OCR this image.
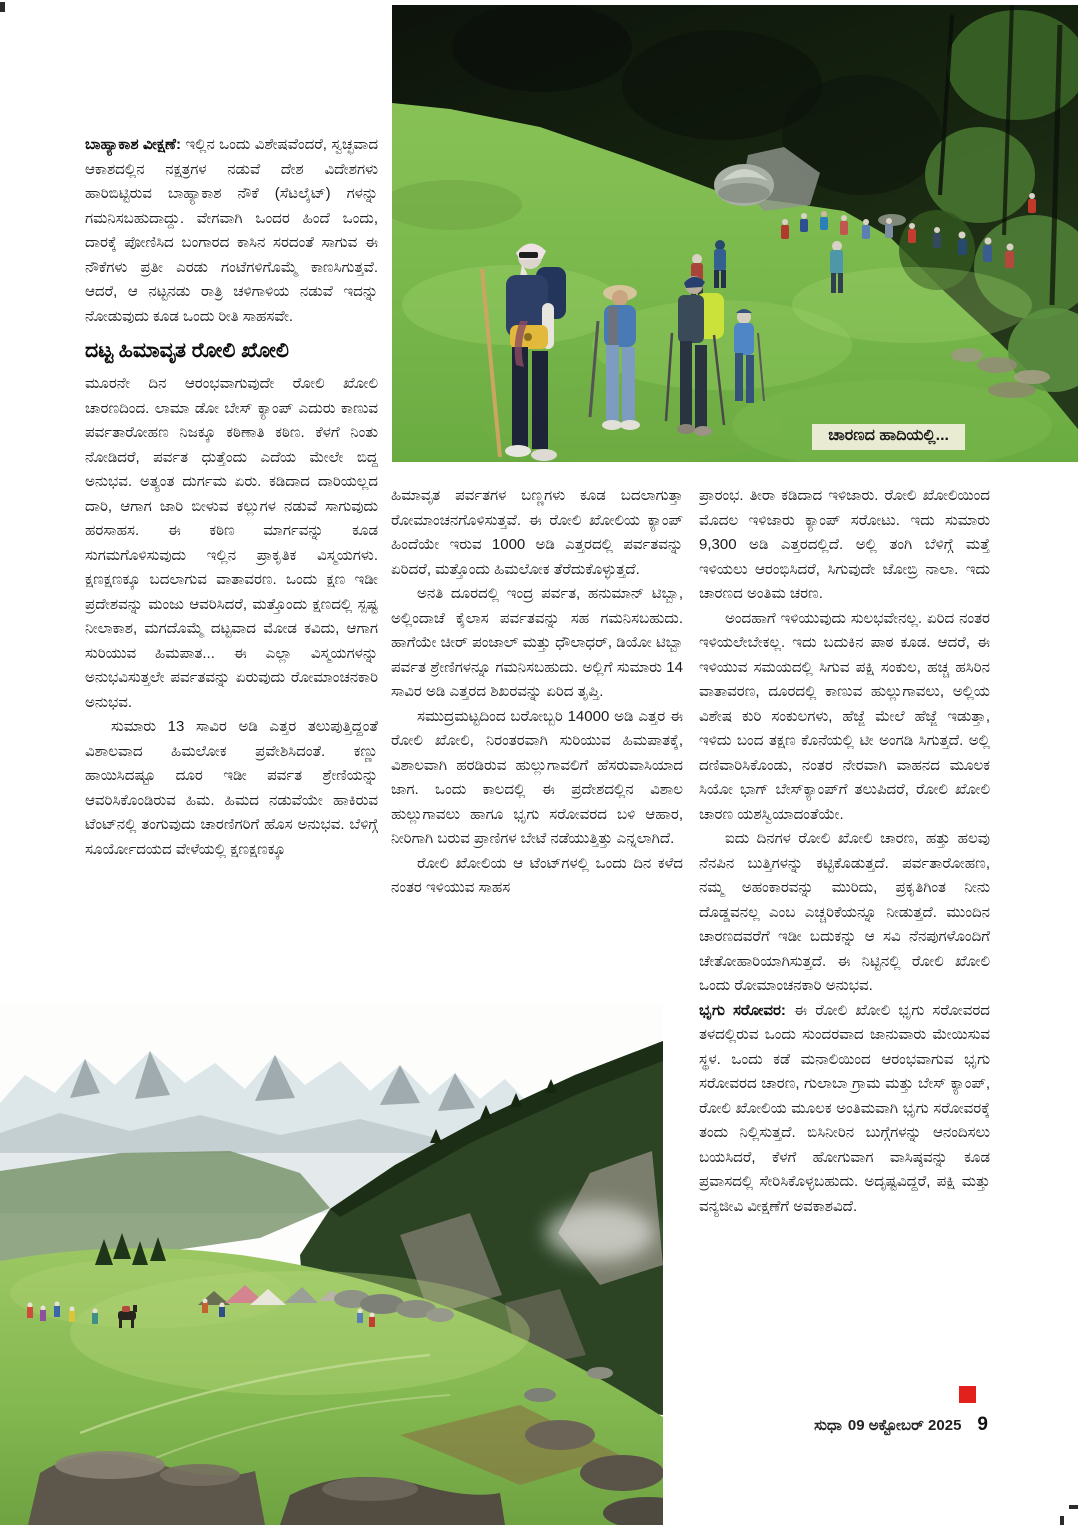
ಚಾರಣದ ಹಾದಿಯಲ್ಲಿ...

ಬಾಹ್ಯಾಕಾಶ ವೀಕ್ಷಣೆ: ಇಲ್ಲಿನ ಒಂದು ವಿಶೇಷವೆಂದರೆ, ಸ್ವಚ್ಛವಾದ ಆಕಾಶದಲ್ಲಿನ ನಕ್ಷತ್ರಗಳ ನಡುವೆ ದೇಶ ವಿದೇಶಗಳು ಹಾರಿಬಿಟ್ಟಿರುವ ಬಾಹ್ಯಾಕಾಶ ನೌಕೆ (ಸೆಟಲೈಟ್) ಗಳನ್ನು ಗಮನಿಸಬಹುದಾದ್ದು. ವೇಗವಾಗಿ ಒಂದರ ಹಿಂದೆ ಒಂದು, ದಾರಕ್ಕೆ ಪೋಣಿಸಿದ ಬಂಗಾರದ ಕಾಸಿನ ಸರದಂತೆ ಸಾಗುವ ಈ ನೌಕೆಗಳು ಪ್ರತೀ ಎರಡು ಗಂಟೆಗಳಿಗೊಮ್ಮೆ ಕಾಣಸಿಗುತ್ತವೆ. ಆದರೆ, ಆ ನಟ್ಟನಡು ರಾತ್ರಿ ಚಳಿಗಾಳಿಯ ನಡುವೆ ಇದನ್ನು ನೋಡುವುದು ಕೂಡ ಒಂದು ರೀತಿ ಸಾಹಸವೇ.

ದಟ್ಟ ಹಿಮಾವೃತ ರೋಲಿ ಖೋಲಿ

ಮೂರನೇ ದಿನ ಆರಂಭವಾಗುವುದೇ ರೋಲಿ ಖೋಲಿ ಚಾರಣದಿಂದ. ಲಾಮಾ ಡೋ ಬೇಸ್ ಕ್ಯಾಂಪ್ ಎದುರು ಕಾಣುವ ಪರ್ವತಾರೋಹಣ ನಿಜಕ್ಕೂ ಕಠಿಣಾತಿ ಕಠಿಣ. ಕೆಳಗೆ ನಿಂತು ನೋಡಿದರೆ, ಪರ್ವತ ಧುತ್ತೆಂದು ಎದೆಯ ಮೇಲೇ ಬಿದ್ದ ಅನುಭವ. ಅತ್ಯಂತ ದುರ್ಗಮ ಏರು. ಕಡಿದಾದ ದಾರಿಯಲ್ಲದ ದಾರಿ, ಆಗಾಗ ಜಾರಿ ಬೀಳುವ ಕಲ್ಲುಗಳ ನಡುವೆ ಸಾಗುವುದು ಹರಸಾಹಸ. ಈ ಕಠಿಣ ಮಾರ್ಗವನ್ನು ಕೂಡ ಸುಗಮಗೊಳಿಸುವುದು ಇಲ್ಲಿನ ಪ್ರಾಕೃತಿಕ ವಿಸ್ಮಯಗಳು. ಕ್ಷಣಕ್ಷಣಕ್ಕೂ ಬದಲಾಗುವ ವಾತಾವರಣ. ಒಂದು ಕ್ಷಣ ಇಡೀ ಪ್ರದೇಶವನ್ನು ಮಂಜು ಆವರಿಸಿದರೆ, ಮತ್ತೊಂದು ಕ್ಷಣದಲ್ಲಿ ಸ್ಪಷ್ಟ ನೀಲಾಕಾಶ, ಮಗದೊಮ್ಮೆ ದಟ್ಟವಾದ ಮೋಡ ಕವಿದು, ಆಗಾಗ ಸುರಿಯುವ ಹಿಮಪಾತ... ಈ ಎಲ್ಲಾ ವಿಸ್ಮಯಗಳನ್ನು ಅನುಭವಿಸುತ್ತಲೇ ಪರ್ವತವನ್ನು ಏರುವುದು ರೋಮಾಂಚನಕಾರಿ ಅನುಭವ.

ಸುಮಾರು 13 ಸಾವಿರ ಅಡಿ ಎತ್ತರ ತಲುಪುತ್ತಿದ್ದಂತೆ ವಿಶಾಲವಾದ ಹಿಮಲೋಕ ಪ್ರವೇಶಿಸಿದಂತೆ. ಕಣ್ಣು ಹಾಯಿಸಿದಷ್ಟೂ ದೂರ ಇಡೀ ಪರ್ವತ ಶ್ರೇಣಿಯನ್ನು ಆವರಿಸಿಕೊಂಡಿರುವ ಹಿಮ. ಹಿಮದ ನಡುವೆಯೇ ಹಾಕಿರುವ ಟೆಂಟ್‌ನಲ್ಲಿ ತಂಗುವುದು ಚಾರಣಿಗರಿಗೆ ಹೊಸ ಅನುಭವ. ಬೆಳಿಗ್ಗೆ ಸೂರ್ಯೋದಯದ ವೇಳೆಯಲ್ಲಿ ಕ್ಷಣಕ್ಷಣಕ್ಕೂ

ಹಿಮಾವೃತ ಪರ್ವತಗಳ ಬಣ್ಣಗಳು ಕೂಡ ಬದಲಾಗುತ್ತಾ ರೋಮಾಂಚನಗೊಳಿಸುತ್ತವೆ. ಈ ರೋಲಿ ಖೋಲಿಯ ಕ್ಯಾಂಪ್ ಹಿಂದೆಯೇ ಇರುವ 1000 ಅಡಿ ಎತ್ತರದಲ್ಲಿ ಪರ್ವತವನ್ನು ಏರಿದರೆ, ಮತ್ತೊಂದು ಹಿಮಲೋಕ ತೆರೆದುಕೊಳ್ಳುತ್ತದೆ.

ಅನತಿ ದೂರದಲ್ಲಿ ಇಂದ್ರ ಪರ್ವತ, ಹನುಮಾನ್ ಟಿಬ್ಬಾ, ಅಲ್ಲಿಂದಾಚೆ ಕೈಲಾಸ ಪರ್ವತವನ್ನು ಸಹ ಗಮನಿಸಬಹುದು. ಹಾಗೆಯೇ ಚೀರ್ ಪಂಜಾಲ್ ಮತ್ತು ಧೌಲಾಧರ್, ಡಿಯೋ ಟಿಬ್ಬಾ ಪರ್ವತ ಶ್ರೇಣಿಗಳನ್ನೂ ಗಮನಿಸಬಹುದು. ಅಲ್ಲಿಗೆ ಸುಮಾರು 14 ಸಾವಿರ ಅಡಿ ಎತ್ತರದ ಶಿಖರವನ್ನು ಏರಿದ ತೃಪ್ತಿ.

ಸಮುದ್ರಮಟ್ಟದಿಂದ ಬರೋಬ್ಬರಿ 14000 ಅಡಿ ಎತ್ತರ ಈ ರೋಲಿ ಖೋಲಿ, ನಿರಂತರವಾಗಿ ಸುರಿಯುವ ಹಿಮಪಾತಕ್ಕೆ, ವಿಶಾಲವಾಗಿ ಹರಡಿರುವ ಹುಲ್ಲುಗಾವಲಿಗೆ ಹೆಸರುವಾಸಿಯಾದ ಜಾಗ. ಒಂದು ಕಾಲದಲ್ಲಿ ಈ ಪ್ರದೇಶದಲ್ಲಿನ ವಿಶಾಲ ಹುಲ್ಲುಗಾವಲು ಹಾಗೂ ಭೃಗು ಸರೋವರದ ಬಳಿ ಆಹಾರ, ನೀರಿಗಾಗಿ ಬರುವ ಪ್ರಾಣಿಗಳ ಬೇಟೆ ನಡೆಯುತ್ತಿತ್ತು ಎನ್ನಲಾಗಿದೆ.

ರೋಲಿ ಖೋಲಿಯ ಆ ಟೆಂಟ್‌ಗಳಲ್ಲಿ ಒಂದು ದಿನ ಕಳೆದ ನಂತರ ಇಳಿಯುವ ಸಾಹಸ

ಪ್ರಾರಂಭ. ತೀರಾ ಕಡಿದಾದ ಇಳಿಜಾರು. ರೋಲಿ ಖೋಲಿಯಿಂದ ಮೊದಲ ಇಳಿಜಾರು ಕ್ಯಾಂಪ್ ಸರೋಟು. ಇದು ಸುಮಾರು 9,300 ಅಡಿ ಎತ್ತರದಲ್ಲಿದೆ. ಅಲ್ಲಿ ತಂಗಿ ಬೆಳಿಗ್ಗೆ ಮತ್ತೆ ಇಳಿಯಲು ಆರಂಭಿಸಿದರೆ, ಸಿಗುವುದೇ ಜೋಬ್ರಿ ನಾಲಾ. ಇದು ಚಾರಣದ ಅಂತಿಮ ಚರಣ.

ಅಂದಹಾಗೆ ಇಳಿಯುವುದು ಸುಲಭವೇನಲ್ಲ. ಏರಿದ ನಂತರ ಇಳಿಯಲೇಬೇಕಲ್ಲ. ಇದು ಬದುಕಿನ ಪಾಠ ಕೂಡ. ಆದರೆ, ಈ ಇಳಿಯುವ ಸಮಯದಲ್ಲಿ ಸಿಗುವ ಪಕ್ಷಿ ಸಂಕುಲ, ಹಚ್ಚ ಹಸಿರಿನ ವಾತಾವರಣ, ದೂರದಲ್ಲಿ ಕಾಣುವ ಹುಲ್ಲುಗಾವಲು, ಅಲ್ಲಿಯ ವಿಶೇಷ ಕುರಿ ಸಂಕುಲಗಳು, ಹೆಜ್ಜೆ ಮೇಲೆ ಹೆಜ್ಜೆ ಇಡುತ್ತಾ, ಇಳಿದು ಬಂದ ತಕ್ಷಣ ಕೊನೆಯಲ್ಲಿ ಟೀ ಅಂಗಡಿ ಸಿಗುತ್ತದೆ. ಅಲ್ಲಿ ದಣಿವಾರಿಸಿಕೊಂಡು, ನಂತರ ನೇರವಾಗಿ ವಾಹನದ ಮೂಲಕ ಸಿಯೋ ಭಾಗ್ ಬೇಸ್‌ಕ್ಯಾಂಪ್‌ಗೆ ತಲುಪಿದರೆ, ರೋಲಿ ಖೋಲಿ ಚಾರಣ ಯಶಸ್ವಿಯಾದಂತೆಯೇ.

ಐದು ದಿನಗಳ ರೋಲಿ ಖೋಲಿ ಚಾರಣ, ಹತ್ತು ಹಲವು ನೆನಪಿನ ಬುತ್ತಿಗಳನ್ನು ಕಟ್ಟಿಕೊಡುತ್ತದೆ. ಪರ್ವತಾರೋಹಣ, ನಮ್ಮ ಅಹಂಕಾರವನ್ನು ಮುರಿದು, ಪ್ರಕೃತಿಗಿಂತ ನೀನು ದೊಡ್ಡವನಲ್ಲ ಎಂಬ ಎಚ್ಚರಿಕೆಯನ್ನೂ ನೀಡುತ್ತದೆ. ಮುಂದಿನ ಚಾರಣದವರೆಗೆ ಇಡೀ ಬದುಕನ್ನು ಆ ಸವಿ ನೆನಪುಗಳೊಂದಿಗೆ ಚೇತೋಹಾರಿಯಾಗಿಸುತ್ತದೆ. ಈ ನಿಟ್ಟಿನಲ್ಲಿ ರೋಲಿ ಖೋಲಿ ಒಂದು ರೋಮಾಂಚನಕಾರಿ ಅನುಭವ.

ಭೃಗು ಸರೋವರ: ಈ ರೋಲಿ ಖೋಲಿ ಭೃಗು ಸರೋವರದ ತಳದಲ್ಲಿರುವ ಒಂದು ಸುಂದರವಾದ ಜಾನುವಾರು ಮೇಯಿಸುವ ಸ್ಥಳ. ಒಂದು ಕಡೆ ಮನಾಲಿಯಿಂದ ಆರಂಭವಾಗುವ ಭೃಗು ಸರೋವರದ ಚಾರಣ, ಗುಲಾಬಾ ಗ್ರಾಮ ಮತ್ತು ಬೇಸ್ ಕ್ಯಾಂಪ್, ರೋಲಿ ಖೋಲಿಯ ಮೂಲಕ ಅಂತಿಮವಾಗಿ ಭೃಗು ಸರೋವರಕ್ಕೆ ತಂದು ನಿಲ್ಲಿಸುತ್ತದೆ. ಬಿಸಿನೀರಿನ ಬುಗ್ಗೆಗಳನ್ನು ಆನಂದಿಸಲು ಬಯಸಿದರೆ, ಕೆಳಗೆ ಹೋಗುವಾಗ ವಾಸಿಷ್ಠವನ್ನು ಕೂಡ ಪ್ರವಾಸದಲ್ಲಿ ಸೇರಿಸಿಕೊಳ್ಳಬಹುದು. ಅದೃಷ್ಟವಿದ್ದರೆ, ಪಕ್ಷಿ ಮತ್ತು ವನ್ಯಜೀವಿ ವೀಕ್ಷಣೆಗೆ ಅವಕಾಶವಿದೆ.

ಸುಧಾ 09 ಅಕ್ಟೋಬರ್ 2025 9
